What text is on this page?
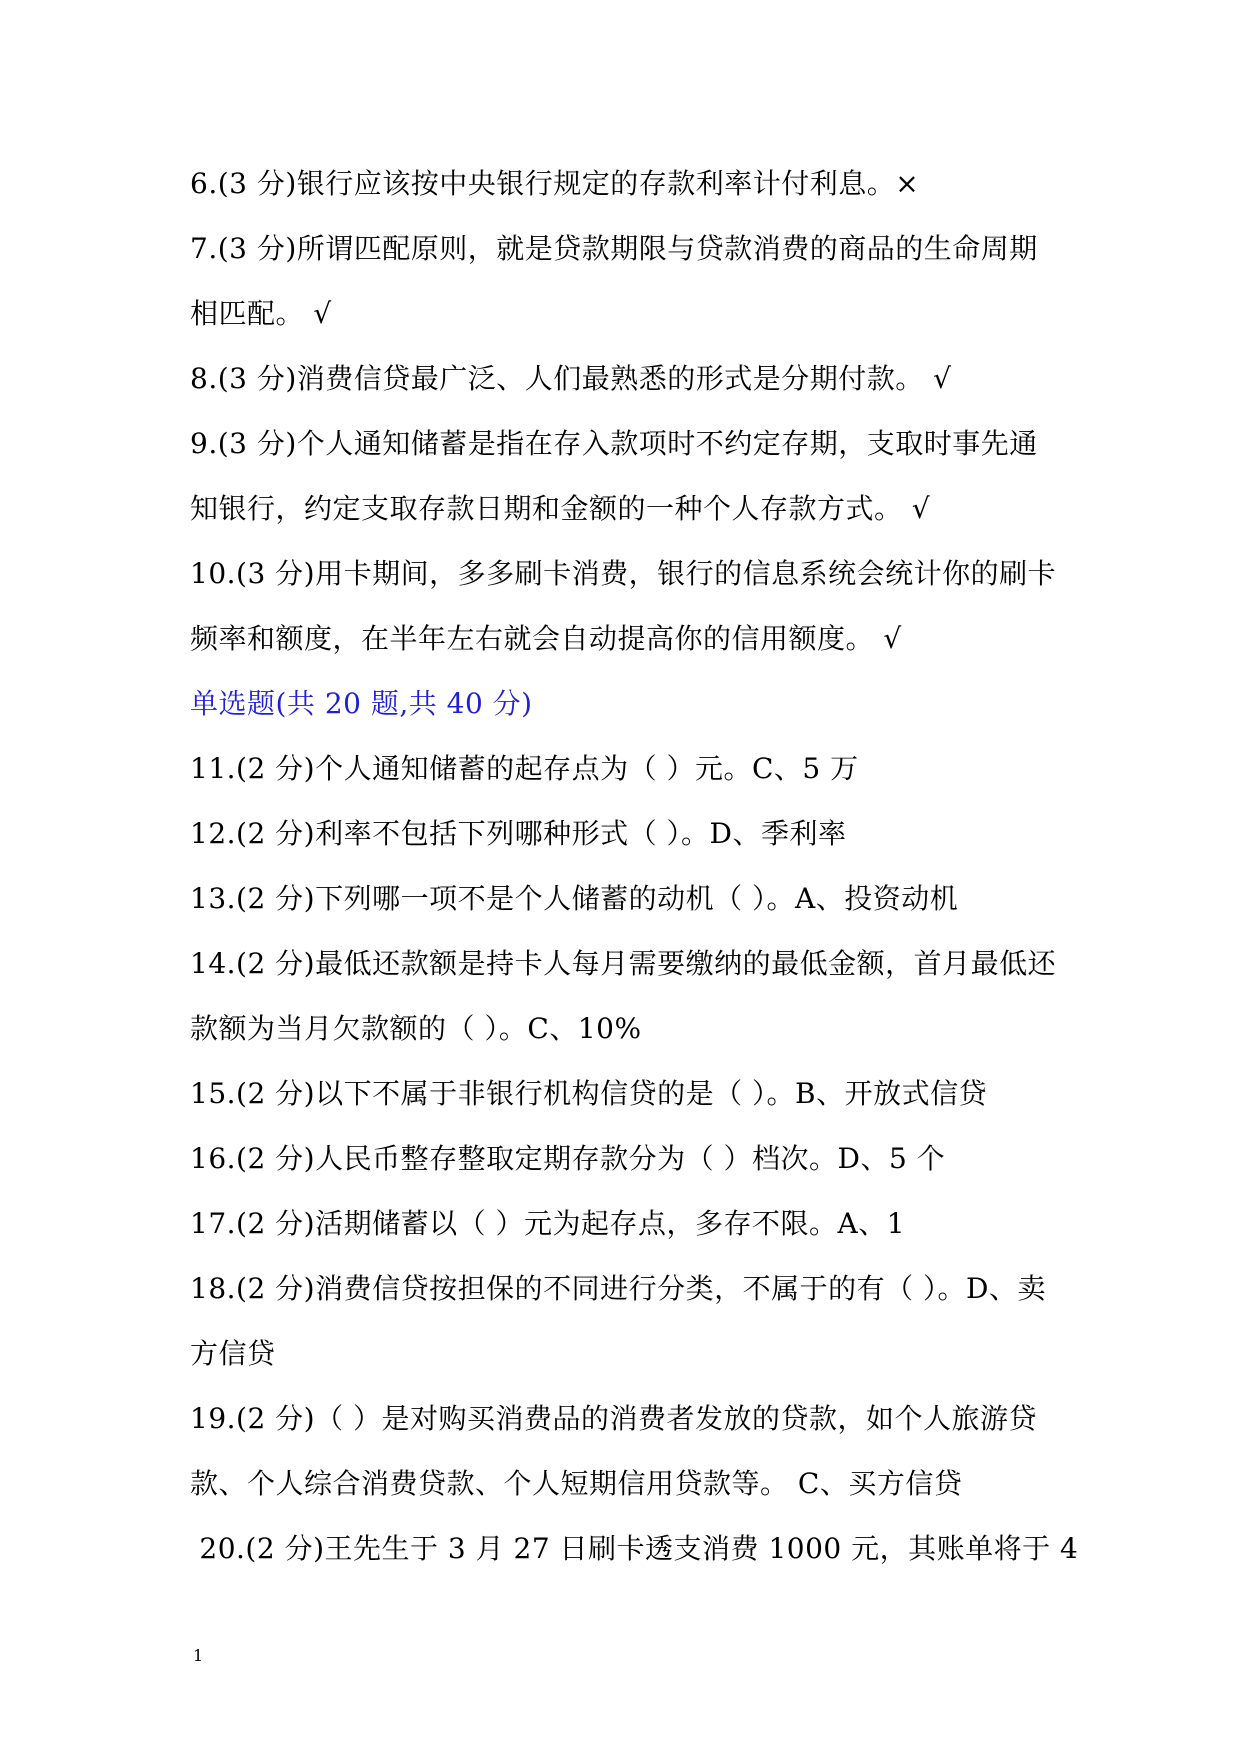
6.(3 分)银行应该按中央银行规定的存款利率计付利息。×
7.(3 分)所谓匹配原则，就是贷款期限与贷款消费的商品的生命周期
相匹配。 √
8.(3 分)消费信贷最广泛、人们最熟悉的形式是分期付款。 √
9.(3 分)个人通知储蓄是指在存入款项时不约定存期，支取时事先通
知银行，约定支取存款日期和金额的一种个人存款方式。 √
10.(3 分)用卡期间，多多刷卡消费，银行的信息系统会统计你的刷卡
频率和额度，在半年左右就会自动提高你的信用额度。 √
单选题(共 20 题,共 40 分)
11.(2 分)个人通知储蓄的起存点为（ ）元。C、5 万
12.(2 分)利率不包括下列哪种形式（ ）。D、季利率
13.(2 分)下列哪一项不是个人储蓄的动机（ ）。A、投资动机
14.(2 分)最低还款额是持卡人每月需要缴纳的最低金额，首月最低还
款额为当月欠款额的（ ）。C、10%
15.(2 分)以下不属于非银行机构信贷的是（ ）。B、开放式信贷
16.(2 分)人民币整存整取定期存款分为（ ）档次。D、5 个
17.(2 分)活期储蓄以（ ）元为起存点，多存不限。A、1
18.(2 分)消费信贷按担保的不同进行分类，不属于的有（ ）。D、卖
方信贷
19.(2 分)（ ）是对购买消费品的消费者发放的贷款，如个人旅游贷
款、个人综合消费贷款、个人短期信用贷款等。 C、买方信贷
20.(2 分)王先生于 3 月 27 日刷卡透支消费 1000 元，其账单将于 4
1
